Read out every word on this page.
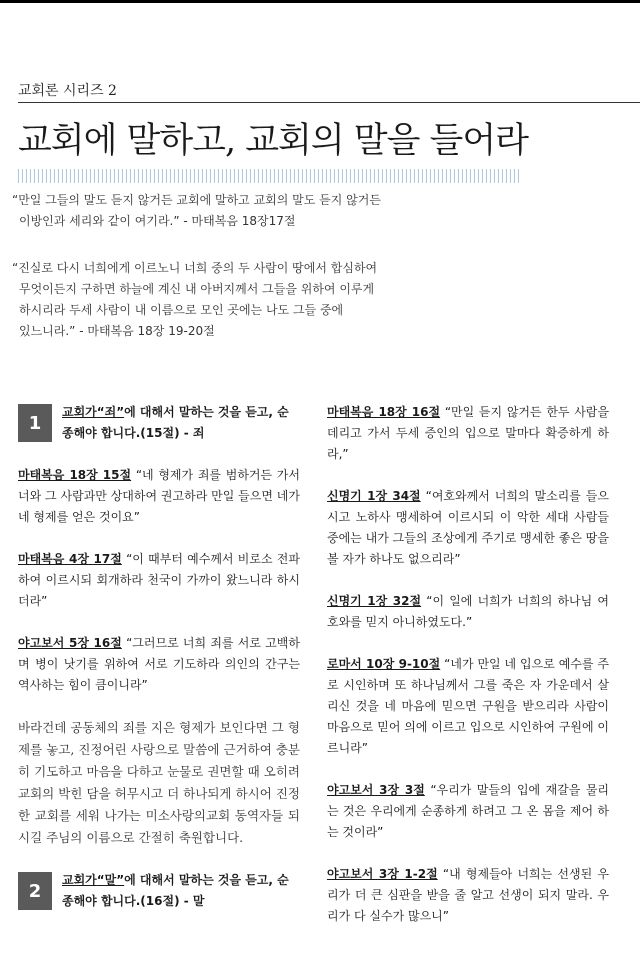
교회론 시리즈 2
교회에 말하고, 교회의 말을 들어라
“만일 그들의 말도 듣지 않거든 교회에 말하고 교회의 말도 듣지 않거든
이방인과 세리와 같이 여기라.” - 마태복음 18장17절
“진실로 다시 너희에게 이르노니 너희 중의 두 사람이 땅에서 합심하여
무엇이든지 구하면 하늘에 계신 내 아버지께서 그들을 위하여 이루게
하시리라 두세 사람이 내 이름으로 모인 곳에는 나도 그들 중에
있느니라.” - 마태복음 18장 19-20절
1
교회가“죄”에 대해서 말하는 것을 듣고, 순종해야 합니다.(15절) - 죄
마태복음 18장 15절 “네 형제가 죄를 범하거든 가서 너와 그 사람과만 상대하여 권고하라 만일 들으면 네가 네 형제를 얻은 것이요”
마태복음 4장 17절 “이 때부터 예수께서 비로소 전파하여 이르시되 회개하라 천국이 가까이 왔느니라 하시더라”
야고보서 5장 16절 “그러므로 너희 죄를 서로 고백하며 병이 낫기를 위하여 서로 기도하라 의인의 간구는 역사하는 힘이 큼이니라”
바라건데 공동체의 죄를 지은 형제가 보인다면 그 형제를 놓고, 진정어린 사랑으로 말씀에 근거하여 충분히 기도하고 마음을 다하고 눈물로 권면할 때 오히려 교회의 박힌 담을 허무시고 더 하나되게 하시어 진정한 교회를 세워 나가는 미소사랑의교회 동역자들 되시길 주님의 이름으로 간절히 축원합니다.
2
교회가“말”에 대해서 말하는 것을 듣고, 순종해야 합니다.(16절) - 말
마태복음 18장 16절 “만일 듣지 않거든 한두 사람을 데리고 가서 두세 증인의 입으로 말마다 확증하게 하라,”
신명기 1장 34절 “여호와께서 너희의 말소리를 들으시고 노하사 맹세하여 이르시되 이 악한 세대 사람들 중에는 내가 그들의 조상에게 주기로 맹세한 좋은 땅을 볼 자가 하나도 없으리라”
신명기 1장 32절 “이 일에 너희가 너희의 하나님 여호와를 믿지 아니하였도다.”
로마서 10장 9-10절 “네가 만일 네 입으로 예수를 주로 시인하며 또 하나님께서 그를 죽은 자 가운데서 살리신 것을 네 마음에 믿으면 구원을 받으리라 사람이 마음으로 믿어 의에 이르고 입으로 시인하여 구원에 이르니라”
야고보서 3장 3절 “우리가 말들의 입에 재갈을 물리는 것은 우리에게 순종하게 하려고 그 온 몸을 제어 하는 것이라”
야고보서 3장 1-2절 “내 형제들아 너희는 선생된 우리가 더 큰 심판을 받을 줄 알고 선생이 되지 말라. 우리가 다 실수가 많으니”
